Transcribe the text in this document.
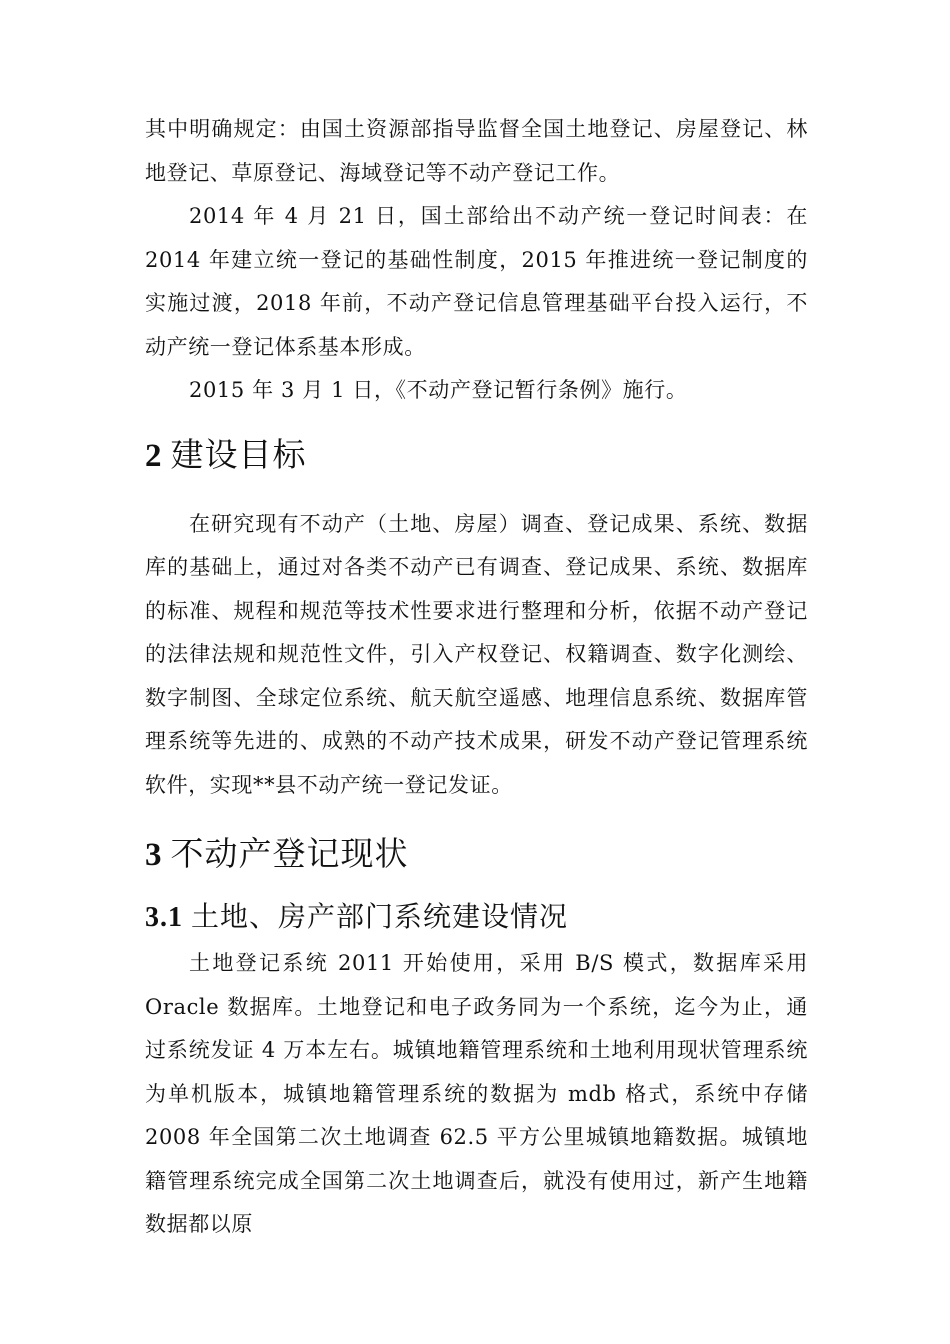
其中明确规定：由国土资源部指导监督全国土地登记、房屋登记、林地登记、草原登记、海域登记等不动产登记工作。

2014 年 4 月 21 日，国土部给出不动产统一登记时间表：在 2014 年建立统一登记的基础性制度，2015 年推进统一登记制度的实施过渡，2018 年前，不动产登记信息管理基础平台投入运行，不动产统一登记体系基本形成。

2015 年 3 月 1 日，《不动产登记暂行条例》施行。

2 建设目标

在研究现有不动产（土地、房屋）调查、登记成果、系统、数据库的基础上，通过对各类不动产已有调查、登记成果、系统、数据库的标准、规程和规范等技术性要求进行整理和分析，依据不动产登记的法律法规和规范性文件，引入产权登记、权籍调查、数字化测绘、数字制图、全球定位系统、航天航空遥感、地理信息系统、数据库管理系统等先进的、成熟的不动产技术成果，研发不动产登记管理系统软件，实现**县不动产统一登记发证。

3 不动产登记现状
3.1 土地、房产部门系统建设情况

土地登记系统 2011 开始使用，采用 B/S 模式，数据库采用 Oracle 数据库。土地登记和电子政务同为一个系统，迄今为止，通过系统发证 4 万本左右。城镇地籍管理系统和土地利用现状管理系统为单机版本，城镇地籍管理系统的数据为 mdb 格式，系统中存储 2008 年全国第二次土地调查 62.5 平方公里城镇地籍数据。城镇地籍管理系统完成全国第二次土地调查后，就没有使用过，新产生地籍数据都以原
